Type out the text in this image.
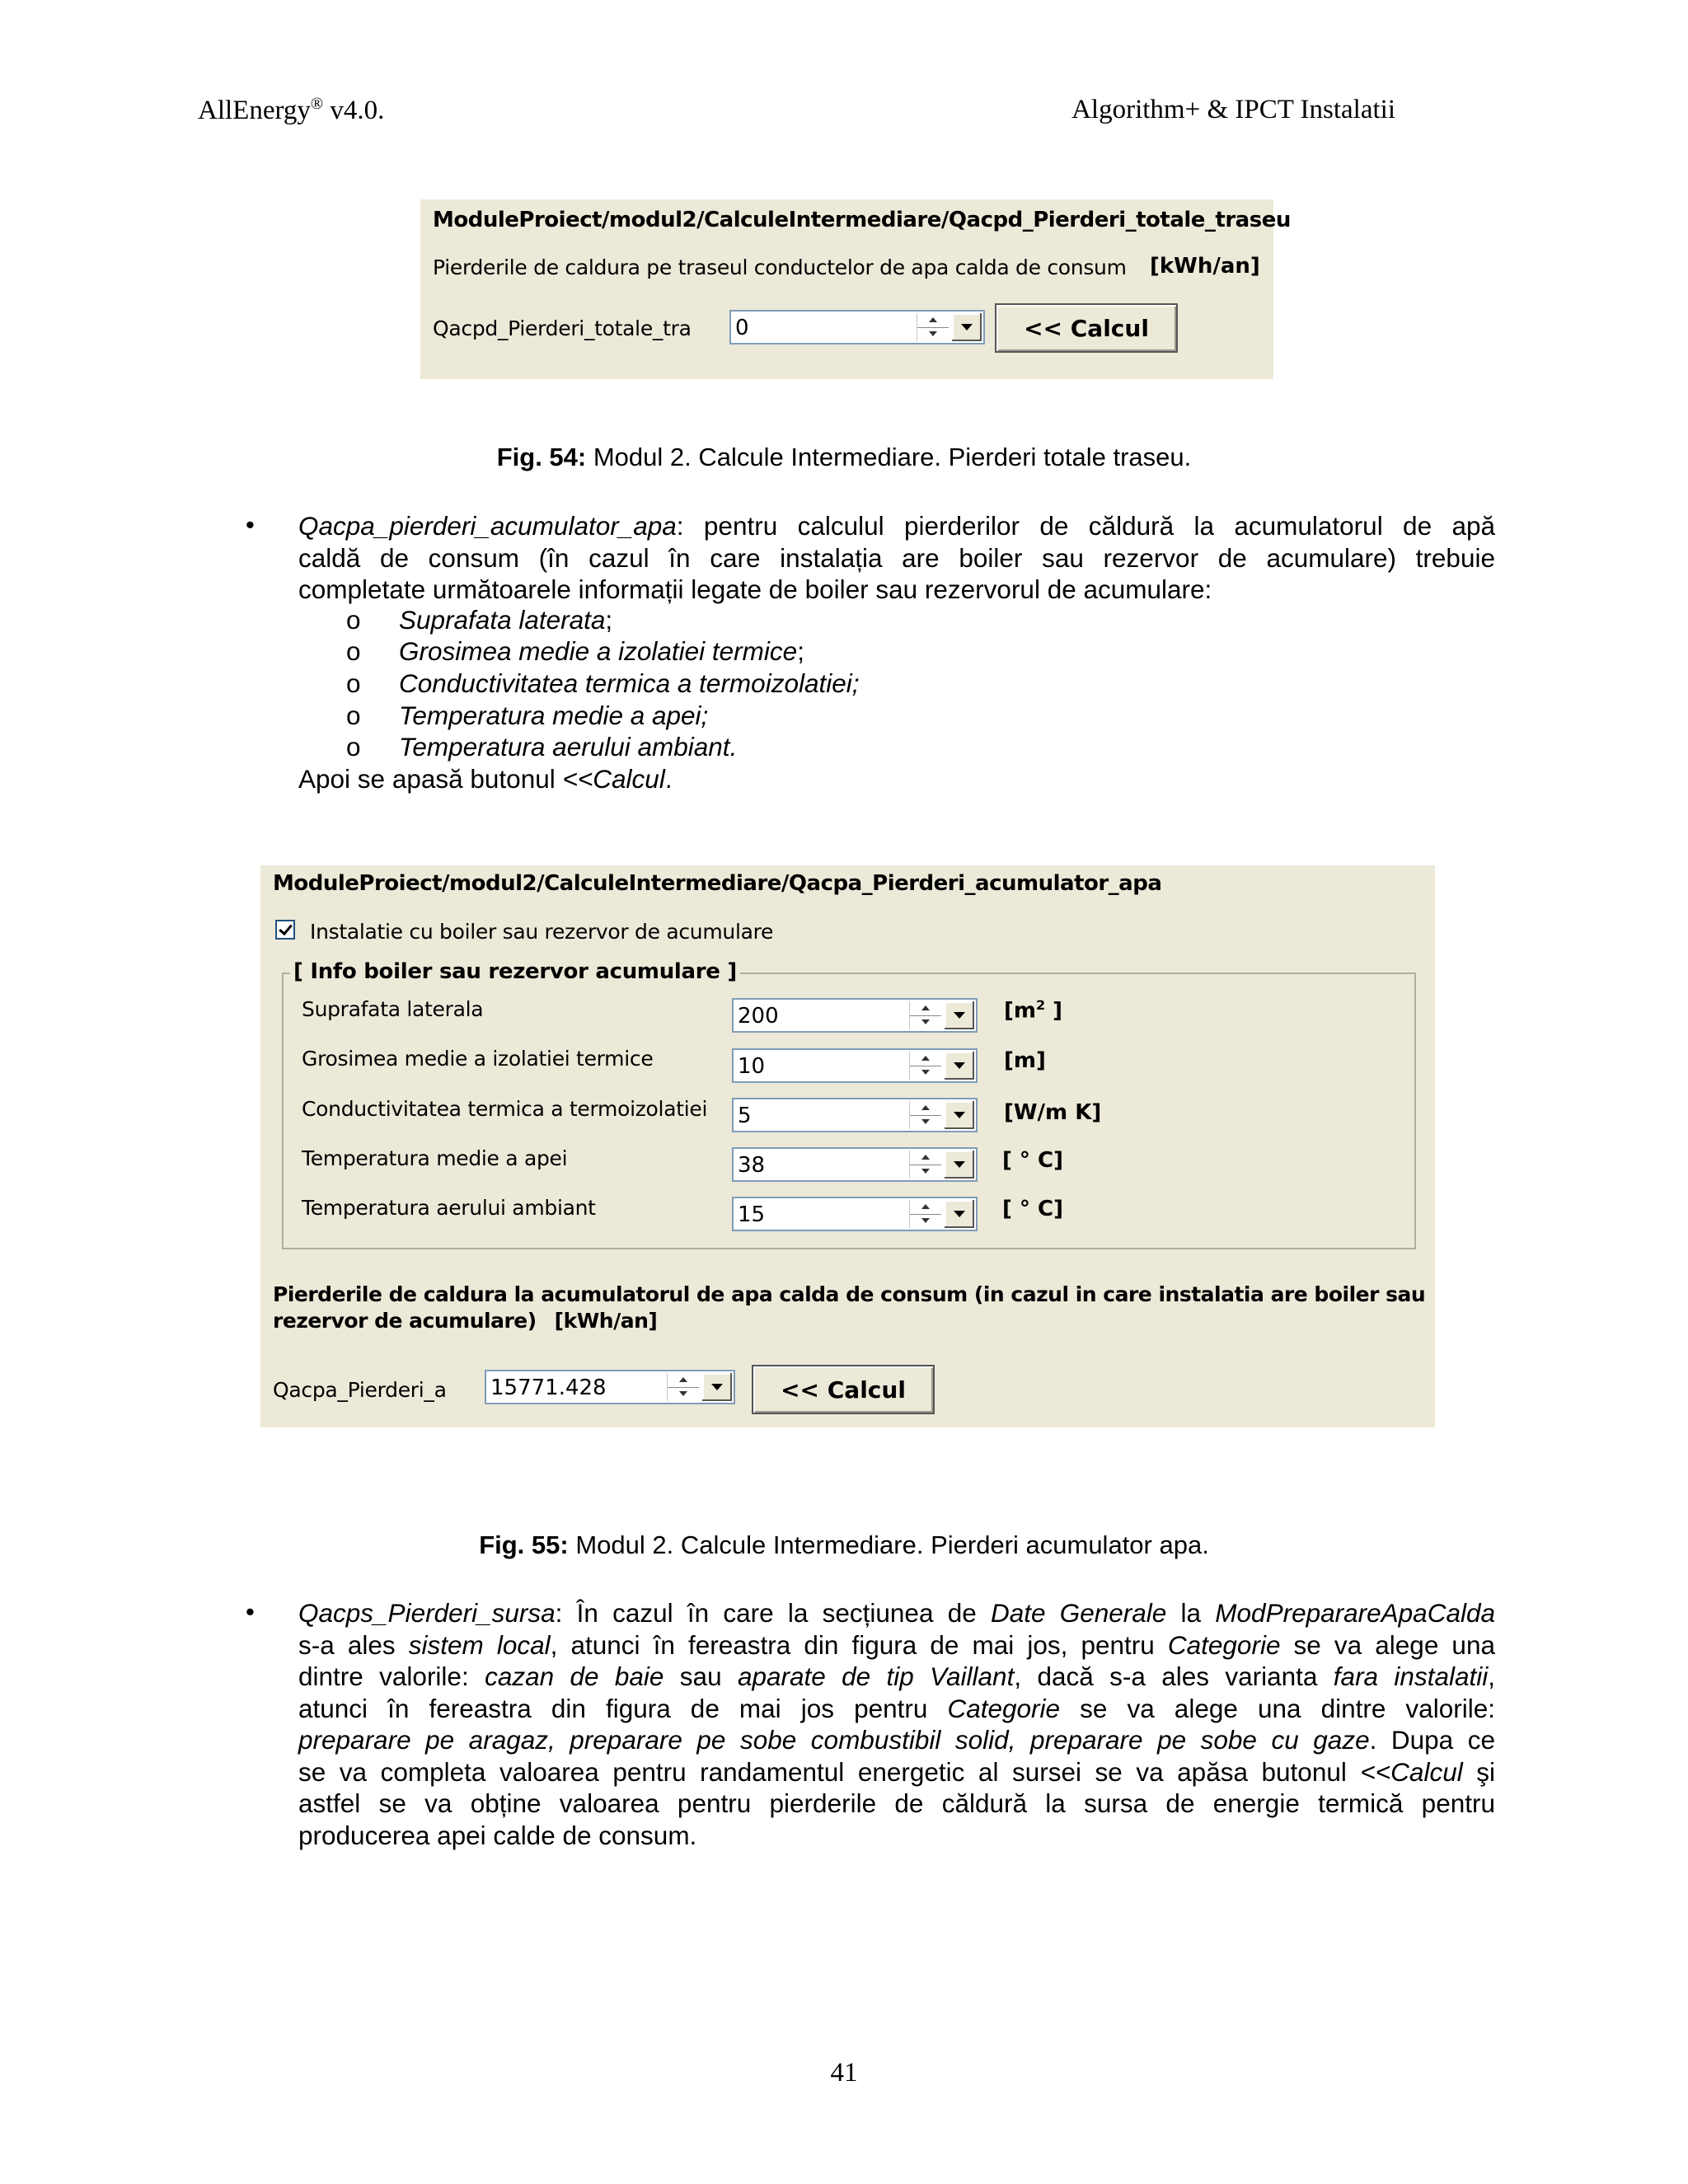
AllEnergy® v4.0.	Algorithm+ & IPCT Instalatii
ModuleProiect/modul2/CalculeIntermediare/Qacpd_Pierderi_totale_traseu
Pierderile de caldura pe traseul conductelor de apa calda de consum [kWh/an]
Qacpd_Pierderi_totale_tra 0	<< Calcul
Fig. 54: Modul 2. Calcule Intermediare. Pierderi totale traseu.
• Qacpa_pierderi_acumulator_apa: pentru calculul pierderilor de căldură la acumulatorul de apă
caldă de consum (în cazul în care instalația are boiler sau rezervor de acumulare) trebuie
completate următoarele informații legate de boiler sau rezervorul de acumulare:
o Suprafata laterata;
o Grosimea medie a izolatiei termice;
o Conductivitatea termica a termoizolatiei;
o Temperatura medie a apei;
o Temperatura aerului ambiant.
Apoi se apasă butonul <<Calcul.
ModuleProiect/modul2/CalculeIntermediare/Qacpa_Pierderi_acumulator_apa
Instalatie cu boiler sau rezervor de acumulare
[ Info boiler sau rezervor acumulare ]
Suprafata laterala	200	[$m^2$ ]
Grosimea medie a izolatiei termice	10	[m]
Conductivitatea termica a termoizolatiei 5	[W/m K]
Temperatura medie a apei	38	[ ° C]
Temperatura aerului ambiant	15	[ ° C]
Pierderile de caldura la acumulatorul de apa calda de consum (in cazul in care instalatia are boiler sau
rezervor de acumulare) [kWh/an]
Qacpa_Pierderi_a 15771.428	<< Calcul
Fig. 55: Modul 2. Calcule Intermediare. Pierderi acumulator apa.
• Qacps_Pierderi_sursa: În cazul în care la secțiunea de Date Generale la ModPreparareApaCalda
s-a ales sistem local, atunci în fereastra din figura de mai jos, pentru Categorie se va alege una
dintre valorile: cazan de baie sau aparate de tip Vaillant, dacă s-a ales varianta fara instalatii,
atunci în fereastra din figura de mai jos pentru Categorie se va alege una dintre valorile:
preparare pe aragaz, preparare pe sobe combustibil solid, preparare pe sobe cu gaze. Dupa ce
se va completa valoarea pentru randamentul energetic al sursei se va apăsa butonul <<Calcul şi
astfel se va obține valoarea pentru pierderile de căldură la sursa de energie termică pentru
producerea apei calde de consum.
41
